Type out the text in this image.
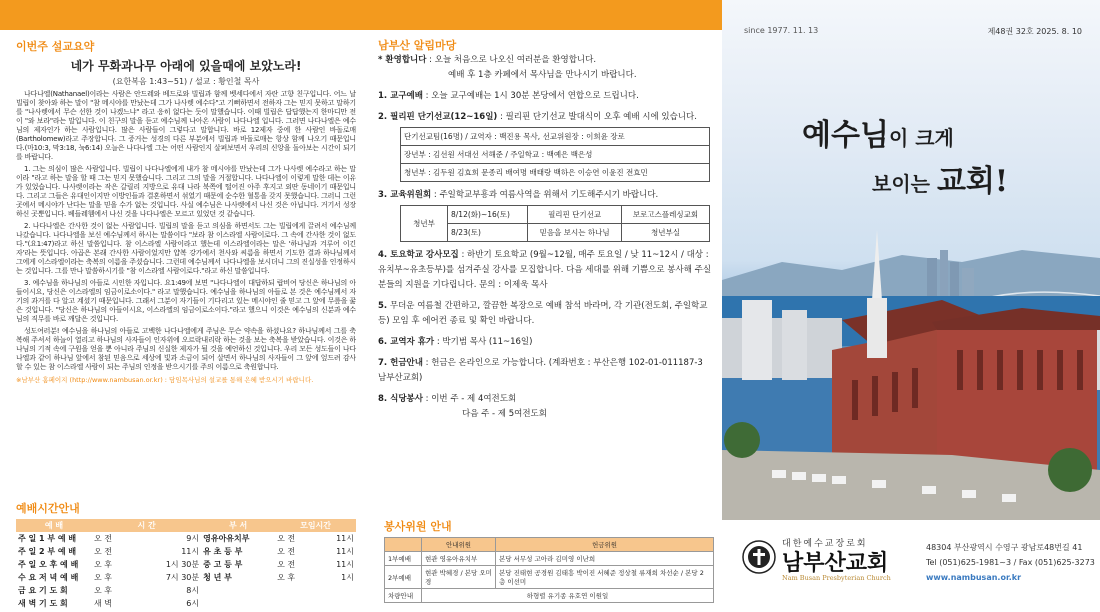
이번주 설교요약
네가 무화과나무 아래에 있을때에 보았노라!
(요한복음 1:43~51) / 설교 : 황인철 목사

나다나엘(Nathanael)이라는 사람은 안드레와 베드로와 빌립과 함께 벳세다에서 자란 고향 친구입니다. 어느 날 빌립이 찾아와 하는 말이 "참 메시야를 만났는데 그가 나사렛 예수다"고 기뻐하면서 전하자 그는 믿지 못하고 말하기를 "나사렛에서 무슨 선한 것이 나겠느냐" 라고 응히 없다는 듯이 말했습니다. 이때 빌립은 답답했는지 한마디만 전이 "와 보라"라는 말입니다. 이 친구의 말을 듣고 예수님께 나아온 사람이 나다나엘 입니다. 그러면 나다나엘은 예수님의 제자인가 하는 사람입니다. 많은 사람들이 그렇다고 말합니다. 바로 12제자 중에 한 사람인 바돌로매(Bartholomew)라고 주장합니다. 그 증거는 성경의 다른 부분에서 빌립과 바돌로매는 항상 함께 나오기 때문입니다.(마10:3, 막3:18, 눅6:14) 오늘은 나다나엘 그는 어떤 사람인지 살펴보면서 우리의 신앙을 돌아보는 시간이 되기를 바랍니다.

1. 그는 의심이 많은 사람입니다. 빌립이 나다나엘에게 내가 참 메시야를 만났는데 그가 나사렛 예수라고 하는 말이라 "라고 하는 말을 할 때 그는 믿지 못했습니다. 그리고 그의 말을 거절합니다. 나다나엘이 이렇게 말한 데는 이유가 있었습니다. 나사렛이라는 작은 갈릴리 지방으로 유대 나라 북쪽에 떨어진 아주 후지고 외딴 동네이기 때문입니다. 그리고 그들은 유대인이지만 이방인들과 결혼하면서 섞였기 때문에 순수한 혈통을 갖지 못했습니다. 그러니 그런 곳에서 메시야가 난다는 말을 믿을 수가 없는 것입니다. 사실 예수님은 나사렛에서 나신 것은 아닙니다. 거기서 성장하신 곳뿐입니다. 베들레헴에서 나신 것을 나다나엘은 모르고 있었던 것 같습니다.

2. 나다나엘은 간사한 것이 없는 사람입니다. 빌립의 말을 듣고 의심을 하면서도 그는 빌립에게 끌려서 예수님께 나갔습니다. 나다나엘을 보신 예수님께서 하시는 말씀이다 "보라 참 이스라엘 사람이로다. 그 속에 간사한 것이 없도다."(요1:47)라고 하신 말씀입니다. 참 이스라엘 사람이라고 했는데 이스라엘이라는 말은 '하나님과 겨루어 이긴 자'라는 뜻입니다. 아곱은 본래 간사한 사람이었지만 얍복 강가에서 천사와 씨름을 하면서 기도한 결과 하나님께서 그에게 이스라엘이라는 축복의 이름을 주셨습니다. 그런데 예수님께서 나다나엘을 보시더니 그의 진실성을 인정하시는 것입니다. 그를 만나 말씀하시기를 "참 이스라엘 사람이로다."라고 하신 말씀입니다.

3. 예수님을 하나님의 아들로 시인한 자입니다. 요1:49에 보면 "나다나엘이 대답하되 랍비여 당신은 하나님의 아들이시요, 당신은 이스라엘의 임금이로소이다." 라고 말했습니다. 예수님을 하나님의 아들로 본 것은 예수님께서 자기의 과거를 다 알고 계셨기 때문입니다. 그래서 그분이 자기들이 기다리고 있는 메시야인 줄 믿고 그 앞에 무릎을 꿇은 것입니다. "당신은 하나님의 아들이시요, 이스라엘의 임금이로소이다."라고 했으니 이것은 예수님의 신분과 예수님의 직무를 바로 깨달은 것입니다.

성도여러분! 예수님을 하나님의 아들로 고백한 나다나엘에게 주님은 무슨 약속을 하셨나요? 하나님께서 그를 축복해 주셔서 하늘이 열리고 하나님의 사자들이 인자위에 오르락내리락 하는 것을 보는 축복을 받았습니다. 이것은 하나님의 기적 속에 구원을 얻을 뿐 아니라 주님의 신실한 제자가 될 것을 예언하신 것입니다. 우리 모든 성도들이 나다나엘과 같이 하나님 앞에서 참된 믿음으로 세상에 빛과 소금이 되어 살면서 하나님의 사자들이 그 앞에 엎드려 감사할 수 있는 참 이스라엘 사람이 되는 주님의 인정을 받으시기를 주의 이름으로 축원합니다.

※남부산 홈페이지 (http://www.nambusan.or.kr) : 담임목사님의 설교를 통해 은혜 받으시기 바랍니다.
예배시간안내
예 배	시 간		부 서	모임시간	
주 일 1 부 예 배	오 전	9시	영유아유치부	오 전	11시
주 일 2 부 예 배	오 전	11시	유 초 등 부	오 전	11시
주 일 오 후 예 배	오 후	1시 30분	중 고 등 부	오 전	11시
수 요 저 녁 예 배	오 후	7시 30분	청 년 부	오 후	1시
금 요 기 도 회	오 후	8시			
새 벽 기 도 회	새 벽	6시			
남부산 알림마당
* 환영합니다 : 오늘 처음으로 나오신 여러분을 환영합니다.
예배 후 1층 카페에서 목사님을 만나시기 바랍니다.
1. 교구예배 : 오늘 교구예배는 1시 30분 본당에서 연합으로 드립니다.
2. 필리핀 단기선교(12~16일) : 필리핀 단기선교 발대식이 오후 예배 시에 있습니다.
단기선교팀(16명) / 교역자 : 백진용 목사, 선교위원장 : 이희윤 장로
장년부 : 김선원 서대선 서해준 / 주일학교 : 백예은 백은성
청년부 : 김두원 김효희 문종리 배여명 배태랑 백하은 이승연 이윤진 전효민
3. 교육위원회 : 주일학교부흥과 여름사역을 위해서 기도해주시기 바랍니다.
청년부	8/12(화)~16(토)	필리핀 단기선교	보로고스플레싱교회
	8/23(토)	믿음을 보시는 하나님	청년부실
4. 토요학교 강사모집 : 하반기 토요학교 (9월~12월, 매주 토요일 / 낮 11~12시 / 대상 : 유치부~유초등부)를 섬겨주실 강사를 모집합니다. 다음 세대를 위해 기쁨으로 봉사해 주실 분들의 지원을 기다립니다. 문의 : 이제욱 목사
5. 무더운 여름철 간편하고, 깔끔한 복장으로 예배 참석 바라며, 각 기관(전도회, 주일학교 등) 모임 후 에어컨 종료 및 확인 바랍니다.
6. 교역자 휴가 : 박기범 목사 (11~16일)
7. 헌금안내 : 헌금은 온라인으로 가능합니다. (계좌번호 : 부산은행 102-01-011187-3 남부산교회)
8. 식당봉사 : 이번 주 - 제 4여전도회
다음 주 - 제 5여전도회
봉사위원 안내
	안내위원	헌금위원
1부예배	현관 영유아유치부	본당 서무성 고아라 김미영 이난희
2부예배	현관 박혜경 / 본당 오미경	본당 진태현 공경원 김태흥 박이진 서혜준 정상철 류재희 차선순 / 본당 2층 이선미
차량안내	하형렬 유기종 유호연 이원일	
since 1977. 11. 13	제48권 32호 2025. 8. 10
예수님이 크게
보이는 교회!
대한예수교장로회
남부산교회
Nam Busan Presbyterian Church
48304 부산광역시 수영구 광남로48번길 41
Tel (051)625-1981~3 / Fax (051)625-3273
www.nambusan.or.kr
